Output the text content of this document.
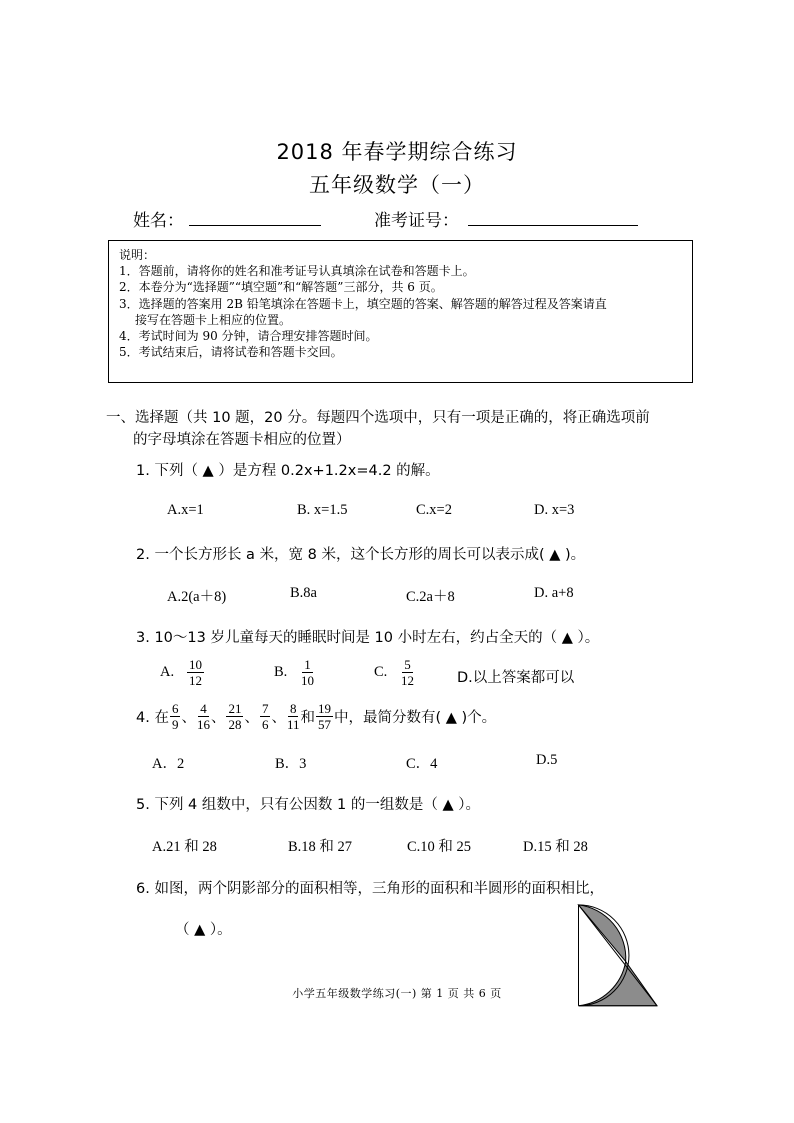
2018 年春学期综合练习
五年级数学（一）
姓名：	准考证号：
说明：
1．答题前，请将你的姓名和准考证号认真填涂在试卷和答题卡上。
2．本卷分为“选择题”“填空题”和“解答题”三部分，共 6 页。
3．选择题的答案用 2B 铅笔填涂在答题卡上，填空题的答案、解答题的解答过程及答案请直
接写在答题卡上相应的位置。
4．考试时间为 90 分钟，请合理安排答题时间。
5．考试结束后，请将试卷和答题卡交回。
一、选择题（共 10 题，20 分。每题四个选项中，只有一项是正确的，将正确选项前
的字母填涂在答题卡相应的位置）
1. 下列（ ▲ ）是方程 0.2x+1.2x=4.2 的解。
A.x=1	B. x=1.5	C.x=2	D. x=3
2. 一个长方形长 a 米，宽 8 米，这个长方形的周长可以表示成( ▲ )。
A.2(a＋8)	B.8a	C.2a＋8	D. a+8
3. 10～13 岁儿童每天的睡眠时间是 10 小时左右，约占全天的（ ▲ ）。
A. $\frac{10}{12}$	B. $\frac{1}{10}$	C. $\frac{5}{12}$	D.以上答案都可以
4. 在 $\frac{6}{9}$ 、 $\frac{4}{16}$ 、 $\frac{21}{28}$ 、 $\frac{7}{6}$ 、 $\frac{8}{11}$ 和 $\frac{19}{57}$ 中，最简分数有( ▲ )个。
A．2	B．3	C．4	D.5
5. 下列 4 组数中，只有公因数 1 的一组数是（ ▲ ）。
A.21 和 28	B.18 和 27	C.10 和 25	D.15 和 28
6. 如图，两个阴影部分的面积相等，三角形的面积和半圆形的面积相比，
（ ▲ ）。
小学五年级数学练习(一) 第 1 页 共 6 页
